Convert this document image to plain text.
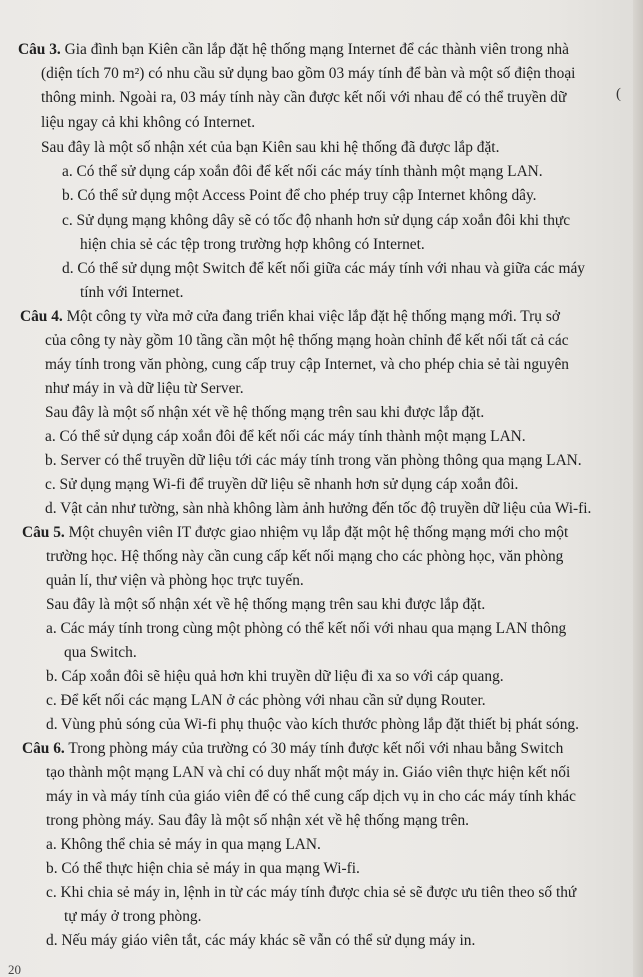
(
Câu 3. Gia đình bạn Kiên cần lắp đặt hệ thống mạng Internet để các thành viên trong nhà
(diện tích 70 m²) có nhu cầu sử dụng bao gồm 03 máy tính để bàn và một số điện thoại
thông minh. Ngoài ra, 03 máy tính này cần được kết nối với nhau để có thể truyền dữ
liệu ngay cả khi không có Internet.
Sau đây là một số nhận xét của bạn Kiên sau khi hệ thống đã được lắp đặt.
a. Có thể sử dụng cáp xoắn đôi để kết nối các máy tính thành một mạng LAN.
b. Có thể sử dụng một Access Point để cho phép truy cập Internet không dây.
c. Sử dụng mạng không dây sẽ có tốc độ nhanh hơn sử dụng cáp xoắn đôi khi thực
hiện chia sẻ các tệp trong trường hợp không có Internet.
d. Có thể sử dụng một Switch để kết nối giữa các máy tính với nhau và giữa các máy
tính với Internet.
Câu 4. Một công ty vừa mở cửa đang triển khai việc lắp đặt hệ thống mạng mới. Trụ sở
của công ty này gồm 10 tầng cần một hệ thống mạng hoàn chỉnh để kết nối tất cả các
máy tính trong văn phòng, cung cấp truy cập Internet, và cho phép chia sẻ tài nguyên
như máy in và dữ liệu từ Server.
Sau đây là một số nhận xét về hệ thống mạng trên sau khi được lắp đặt.
a. Có thể sử dụng cáp xoắn đôi để kết nối các máy tính thành một mạng LAN.
b. Server có thể truyền dữ liệu tới các máy tính trong văn phòng thông qua mạng LAN.
c. Sử dụng mạng Wi-fi để truyền dữ liệu sẽ nhanh hơn sử dụng cáp xoắn đôi.
d. Vật cản như tường, sàn nhà không làm ảnh hưởng đến tốc độ truyền dữ liệu của Wi-fi.
Câu 5. Một chuyên viên IT được giao nhiệm vụ lắp đặt một hệ thống mạng mới cho một
trường học. Hệ thống này cần cung cấp kết nối mạng cho các phòng học, văn phòng
quản lí, thư viện và phòng học trực tuyến.
Sau đây là một số nhận xét về hệ thống mạng trên sau khi được lắp đặt.
a. Các máy tính trong cùng một phòng có thể kết nối với nhau qua mạng LAN thông
qua Switch.
b. Cáp xoắn đôi sẽ hiệu quả hơn khi truyền dữ liệu đi xa so với cáp quang.
c. Để kết nối các mạng LAN ở các phòng với nhau cần sử dụng Router.
d. Vùng phủ sóng của Wi-fi phụ thuộc vào kích thước phòng lắp đặt thiết bị phát sóng.
Câu 6. Trong phòng máy của trường có 30 máy tính được kết nối với nhau bằng Switch
tạo thành một mạng LAN và chỉ có duy nhất một máy in. Giáo viên thực hiện kết nối
máy in và máy tính của giáo viên để có thể cung cấp dịch vụ in cho các máy tính khác
trong phòng máy. Sau đây là một số nhận xét về hệ thống mạng trên.
a. Không thể chia sẻ máy in qua mạng LAN.
b. Có thể thực hiện chia sẻ máy in qua mạng Wi-fi.
c. Khi chia sẻ máy in, lệnh in từ các máy tính được chia sẻ sẽ được ưu tiên theo số thứ
tự máy ở trong phòng.
d. Nếu máy giáo viên tắt, các máy khác sẽ vẫn có thể sử dụng máy in.
20
